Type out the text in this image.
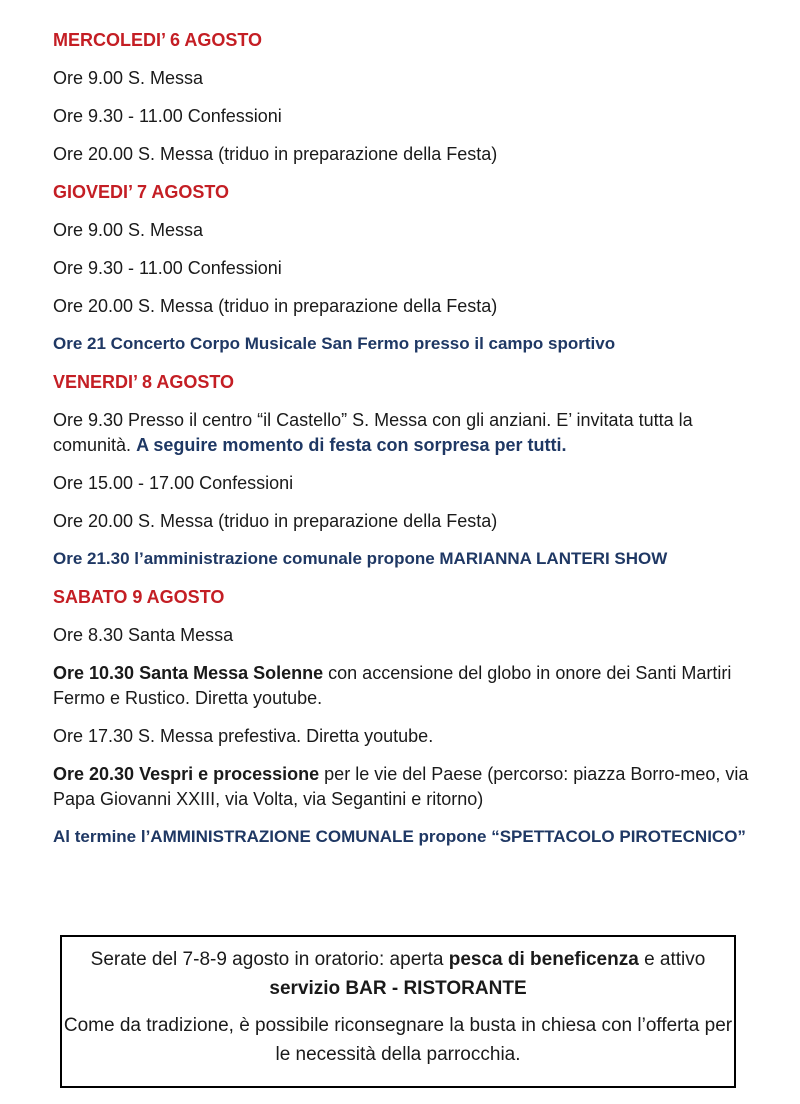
MERCOLEDI’ 6 AGOSTO
Ore 9.00 S. Messa
Ore 9.30 - 11.00 Confessioni
Ore 20.00 S. Messa (triduo in preparazione della Festa)
GIOVEDI’ 7 AGOSTO
Ore 9.00 S. Messa
Ore 9.30 - 11.00 Confessioni
Ore 20.00 S. Messa (triduo in preparazione della Festa)
Ore 21 Concerto Corpo Musicale San Fermo presso il campo sportivo
VENERDI’ 8 AGOSTO
Ore 9.30 Presso il centro “il Castello” S. Messa con gli anziani. E’ invitata tutta la comunità. A seguire momento di festa con sorpresa per tutti.
Ore 15.00 - 17.00 Confessioni
Ore 20.00 S. Messa (triduo in preparazione della Festa)
Ore 21.30 l’amministrazione comunale propone MARIANNA LANTERI SHOW
SABATO 9 AGOSTO
Ore 8.30 Santa Messa
Ore 10.30 Santa Messa Solenne con accensione del globo in onore dei Santi Martiri Fermo e Rustico. Diretta youtube.
Ore 17.30 S. Messa prefestiva. Diretta youtube.
Ore 20.30 Vespri e processione per le vie del Paese (percorso: piazza Borro-meo, via Papa Giovanni XXIII, via Volta, via Segantini e ritorno)
Al termine l’AMMINISTRAZIONE COMUNALE propone “SPETTACOLO PIROTECNICO”

Serate del 7-8-9 agosto in oratorio: aperta pesca di beneficenza e attivo servizio BAR - RISTORANTE

Come da tradizione, è possibile riconsegnare la busta in chiesa con l’offerta per le necessità della parrocchia.
